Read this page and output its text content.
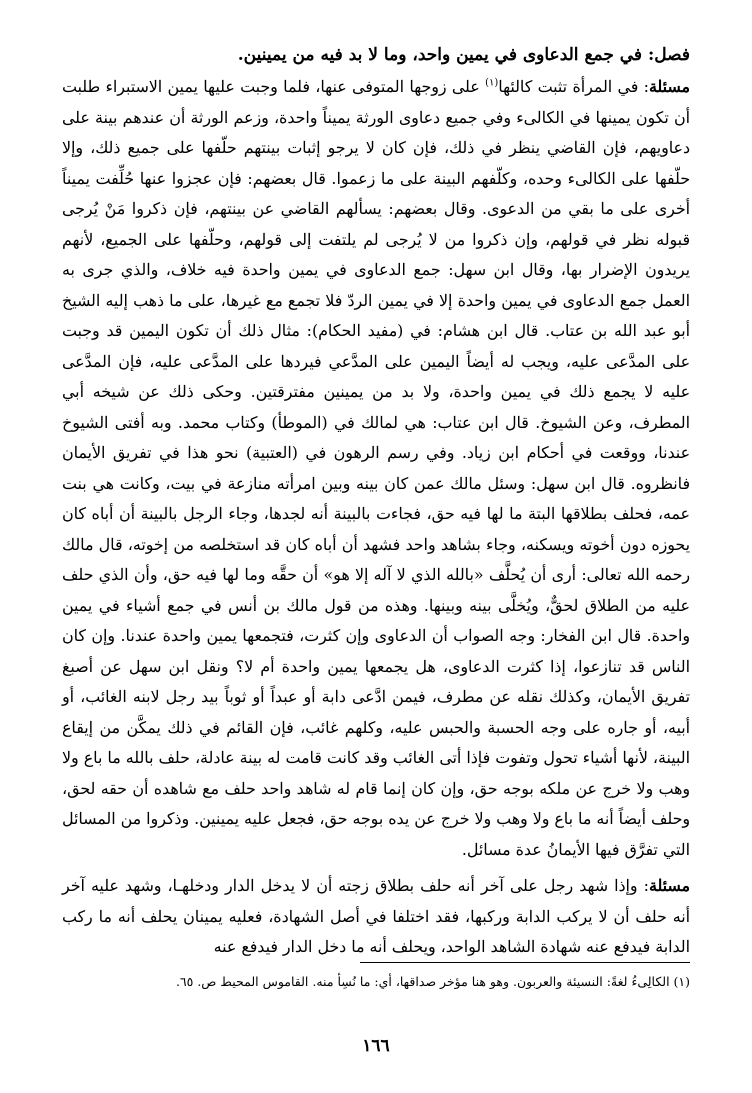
فصل: في جمع الدعاوى في يمين واحد، وما لا بد فيه من يمينين.

مسئلة: في المرأة تثبت كالئها$^{(١)}$ على زوجها المتوفى عنها، فلما وجبت عليها يمين الاستبراء طلبت أن تكون يمينها في الكالىء وفي جميع دعاوى الورثة يميناً واحدة، وزعم الورثة أن عندهم بينة على دعاويهم، فإن القاضي ينظر في ذلك، فإن كان لا يرجو إثبات بينتهم حلّفها على جميع ذلك، وإلا حلّفها على الكالىء وحده، وكلّفهم البينة على ما زعموا. قال بعضهم: فإن عجزوا عنها حُلِّفت يميناً أخرى على ما بقي من الدعوى. وقال بعضهم: يسألهم القاضي عن بينتهم، فإن ذكروا مَنْ يُرجى قبوله نظر في قولهم، وإن ذكروا من لا يُرجى لم يلتفت إلى قولهم، وحلّفها على الجميع، لأنهم يريدون الإضرار بها، وقال ابن سهل: جمع الدعاوى في يمين واحدة فيه خلاف، والذي جرى به العمل جمع الدعاوى في يمين واحدة إلا في يمين الردّ فلا تجمع مع غيرها، على ما ذهب إليه الشيخ أبو عبد الله بن عتاب. قال ابن هشام: في (مفيد الحكام): مثال ذلك أن تكون اليمين قد وجبت على المدَّعى عليه، ويجب له أيضاً اليمين على المدَّعي فيردها على المدَّعى عليه، فإن المدَّعى عليه لا يجمع ذلك في يمين واحدة، ولا بد من يمينين مفترقتين. وحكى ذلك عن شيخه أبي المطرف، وعن الشيوخ. قال ابن عتاب: هي لمالك في (الموطأ) وكتاب محمد. وبه أفتى الشيوخ عندنا، ووقعت في أحكام ابن زياد. وفي رسم الرهون في (العتبية) نحو هذا في تفريق الأيمان فانظروه. قال ابن سهل: وسئل مالك عمن كان بينه وبين امرأته منازعة في بيت، وكانت هي بنت عمه، فحلف بطلاقها البتة ما لها فيه حق، فجاءت بالبينة أنه لجدها، وجاء الرجل بالبينة أن أباه كان يحوزه دون أخوته ويسكنه، وجاء بشاهد واحد فشهد أن أباه كان قد استخلصه من إخوته، قال مالك رحمه الله تعالى: أرى أن يُحلَّف «بالله الذي لا آله إلا هو» أن حقَّه وما لها فيه حق، وأن الذي حلف عليه من الطلاق لحقٌّ، ويُخلَّى بينه وبينها. وهذه من قول مالك بن أنس في جمع أشياء في يمين واحدة. قال ابن الفخار: وجه الصواب أن الدعاوى وإن كثرت، فتجمعها يمين واحدة عندنا. وإن كان الناس قد تنازعوا، إذا كثرت الدعاوى، هل يجمعها يمين واحدة أم لا؟ ونقل ابن سهل عن أصبغ تفريق الأيمان، وكذلك نقله عن مطرف، فيمن ادَّعى دابة أو عبداً أو ثوباً بيد رجل لابنه الغائب، أو أبيه، أو جاره على وجه الحسبة والحبس عليه، وكلهم غائب، فإن القائم في ذلك يمكَّن من إيقاع البينة، لأنها أشياء تحول وتفوت فإذا أتى الغائب وقد كانت قامت له بينة عادلة، حلف بالله ما باع ولا وهب ولا خرج عن ملكه بوجه حق، وإن كان إنما قام له شاهد واحد حلف مع شاهده أن حقه لحق، وحلف أيضاً أنه ما باع ولا وهب ولا خرج عن يده بوجه حق، فجعل عليه يمينين. وذكروا من المسائل التي تفرَّق فيها الأيمانُ عدة مسائل.

مسئلة: وإذا شهد رجل على آخر أنه حلف بطلاق زجته أن لا يدخل الدار ودخلهـا، وشهد عليه آخر أنه حلف أن لا يركب الدابة وركبها، فقد اختلفا في أصل الشهادة، فعليه يمينان يحلف أنه ما ركب الدابة فيدفع عنه شهادة الشاهد الواحد، ويحلف أنه ما دخل الدار فيدفع عنه

(١) الكالِىءُ لغةً: النسيئة والعربون. وهو هنا مؤخر صداقها، أي: ما نُسِأ منه. القاموس المحيط ص. ٦٥.
١٦٦
